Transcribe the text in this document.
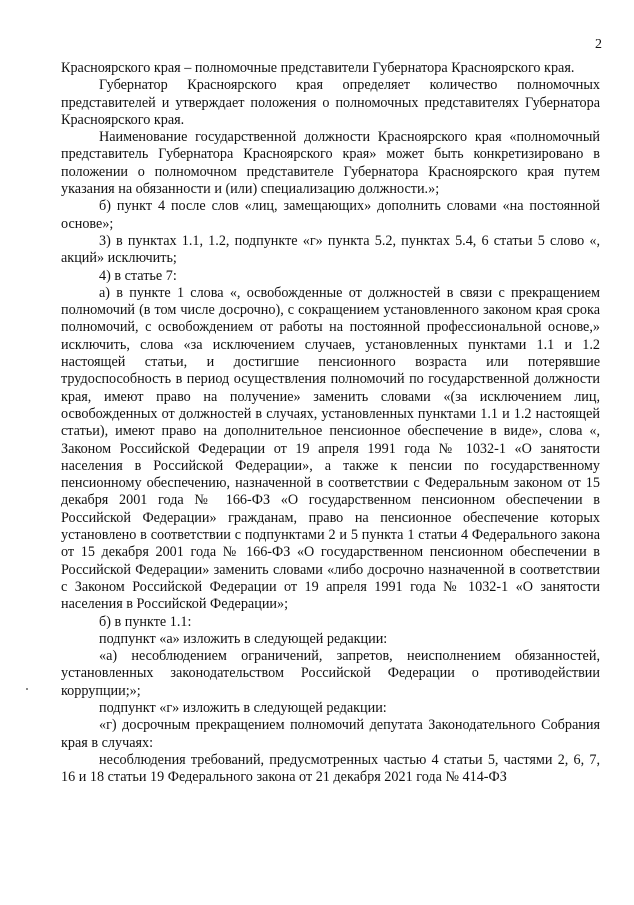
2

Красноярского края – полномочные представители Губернатора Красноярского края.

Губернатор Красноярского края определяет количество полномочных представителей и утверждает положения о полномочных представителях Губернатора Красноярского края.

Наименование государственной должности Красноярского края «полномочный представитель Губернатора Красноярского края» может быть конкретизировано в положении о полномочном представителе Губернатора Красноярского края путем указания на обязанности и (или) специализацию должности.»;

б) пункт 4 после слов «лиц, замещающих» дополнить словами «на постоянной основе»;

3) в пунктах 1.1, 1.2, подпункте «г» пункта 5.2, пунктах 5.4, 6 статьи 5 слово «, акций» исключить;

4) в статье 7:

а) в пункте 1 слова «, освобожденные от должностей в связи с прекращением полномочий (в том числе досрочно), с сокращением установленного законом края срока полномочий, с освобождением от работы на постоянной профессиональной основе,» исключить, слова «за исключением случаев, установленных пунктами 1.1 и 1.2 настоящей статьи, и достигшие пенсионного возраста или потерявшие трудоспособность в период осуществления полномочий по государственной должности края, имеют право на получение» заменить словами «(за исключением лиц, освобожденных от должностей в случаях, установленных пунктами 1.1 и 1.2 настоящей статьи), имеют право на дополнительное пенсионное обеспечение в виде», слова «, Законом Российской Федерации от 19 апреля 1991 года № 1032-1 «О занятости населения в Российской Федерации», а также к пенсии по государственному пенсионному обеспечению, назначенной в соответствии с Федеральным законом от 15 декабря 2001 года № 166-ФЗ «О государственном пенсионном обеспечении в Российской Федерации» гражданам, право на пенсионное обеспечение которых установлено в соответствии с подпунктами 2 и 5 пункта 1 статьи 4 Федерального закона от 15 декабря 2001 года № 166-ФЗ «О государственном пенсионном обеспечении в Российской Федерации» заменить словами «либо досрочно назначенной в соответствии с Законом Российской Федерации от 19 апреля 1991 года № 1032-1 «О занятости населения в Российской Федерации»;

б) в пункте 1.1:

подпункт «а» изложить в следующей редакции:

«а) несоблюдением ограничений, запретов, неисполнением обязанностей, установленных законодательством Российской Федерации о противодействии коррупции;»;

подпункт «г» изложить в следующей редакции:

«г) досрочным прекращением полномочий депутата Законодательного Собрания края в случаях:

несоблюдения требований, предусмотренных частью 4 статьи 5, частями 2, 6, 7, 16 и 18 статьи 19 Федерального закона от 21 декабря 2021 года № 414-ФЗ
